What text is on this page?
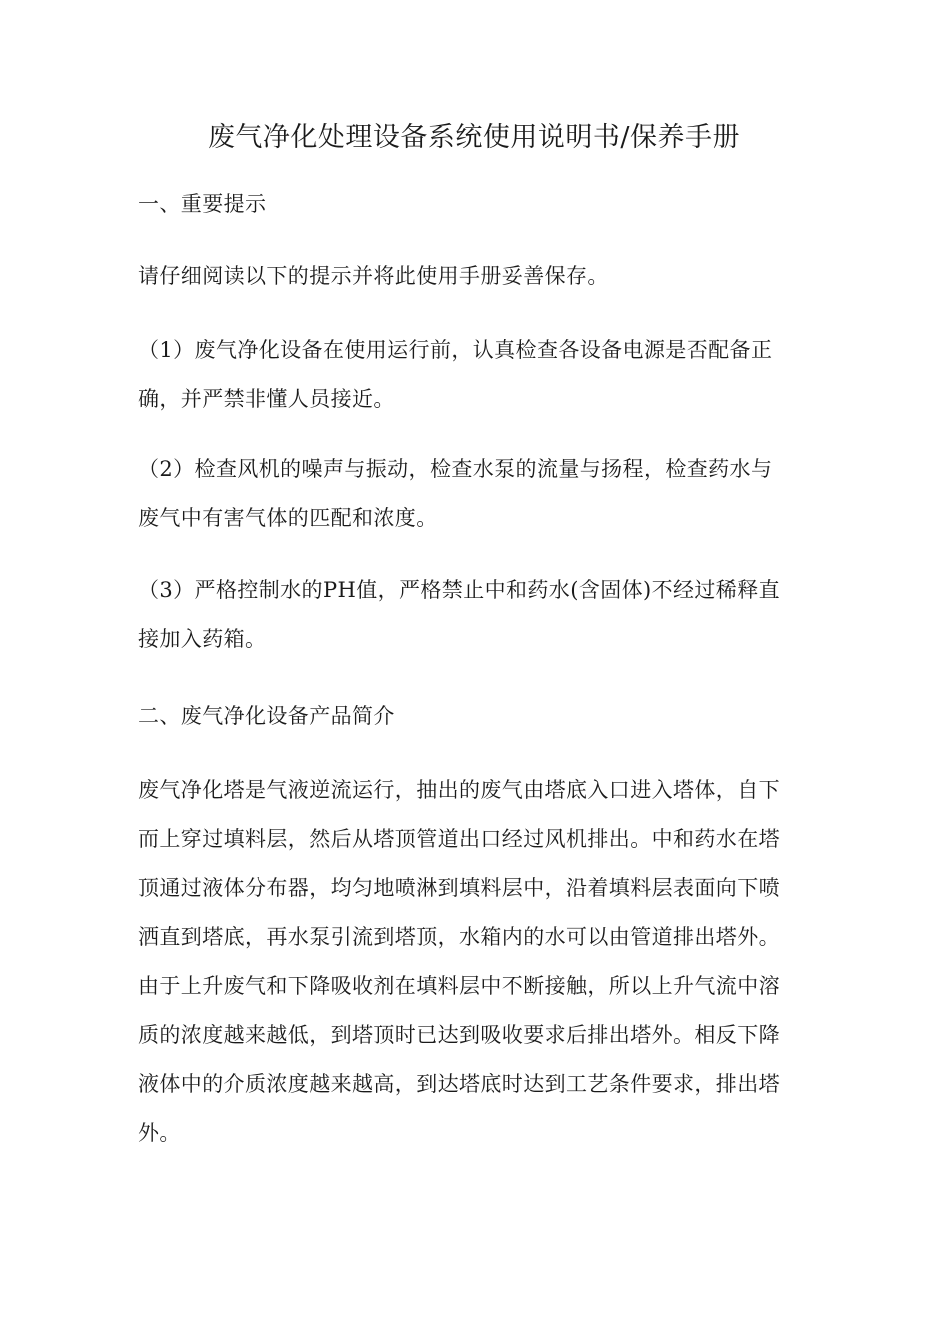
废气净化处理设备系统使用说明书/保养手册

一、重要提示

请仔细阅读以下的提示并将此使用手册妥善保存。

（1）废气净化设备在使用运行前，认真检查各设备电源是否配备正
确，并严禁非懂人员接近。

（2）检查风机的噪声与振动，检查水泵的流量与扬程，检查药水与
废气中有害气体的匹配和浓度。

（3）严格控制水的PH值，严格禁止中和药水(含固体)不经过稀释直
接加入药箱。

二、废气净化设备产品简介

废气净化塔是气液逆流运行，抽出的废气由塔底入口进入塔体，自下
而上穿过填料层，然后从塔顶管道出口经过风机排出。中和药水在塔
顶通过液体分布器，均匀地喷淋到填料层中，沿着填料层表面向下喷
洒直到塔底，再水泵引流到塔顶，水箱内的水可以由管道排出塔外。
由于上升废气和下降吸收剂在填料层中不断接触，所以上升气流中溶
质的浓度越来越低，到塔顶时已达到吸收要求后排出塔外。相反下降
液体中的介质浓度越来越高，到达塔底时达到工艺条件要求，排出塔
外。
